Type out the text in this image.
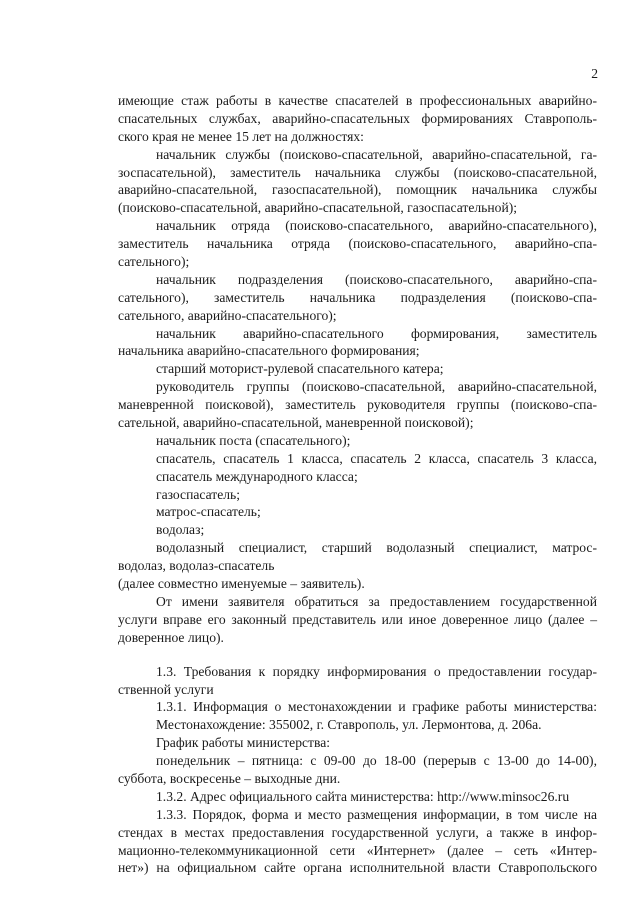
2
имеющие стаж работы в качестве спасателей в профессиональных аварийно-
спасательных службах, аварийно-спасательных формированиях Ставрополь-
ского края не менее 15 лет на должностях:
начальник службы (поисково-спасательной, аварийно-спасательной, га-
зоспасательной), заместитель начальника службы (поисково-спасательной,
аварийно-спасательной, газоспасательной), помощник начальника службы
(поисково-спасательной, аварийно-спасательной, газоспасательной);
начальник отряда (поисково-спасательного, аварийно-спасательного),
заместитель начальника отряда (поисково-спасательного, аварийно-спа-
сательного);
начальник подразделения (поисково-спасательного, аварийно-спа-
сательного), заместитель начальника подразделения (поисково-спа-
сательного, аварийно-спасательного);
начальник аварийно-спасательного формирования, заместитель
начальника аварийно-спасательного формирования;
старший моторист-рулевой спасательного катера;
руководитель группы (поисково-спасательной, аварийно-спасательной,
маневренной поисковой), заместитель руководителя группы (поисково-спа-
сательной, аварийно-спасательной, маневренной поисковой);
начальник поста (спасательного);
спасатель, спасатель 1 класса, спасатель 2 класса, спасатель 3 класса,
спасатель международного класса;
газоспасатель;
матрос-спасатель;
водолаз;
водолазный специалист, старший водолазный специалист, матрос-
водолаз, водолаз-спасатель
(далее совместно именуемые – заявитель).
От имени заявителя обратиться за предоставлением государственной
услуги вправе его законный представитель или иное доверенное лицо (далее –
доверенное лицо).
1.3. Требования к порядку информирования о предоставлении государ-
ственной услуги
1.3.1. Информация о местонахождении и графике работы министерства:
Местонахождение: 355002, г. Ставрополь, ул. Лермонтова, д. 206а.
График работы министерства:
понедельник – пятница: с 09-00 до 18-00 (перерыв с 13-00 до 14-00),
суббота, воскресенье – выходные дни.
1.3.2. Адрес официального сайта министерства: http://www.minsoc26.ru
1.3.3. Порядок, форма и место размещения информации, в том числе на
стендах в местах предоставления государственной услуги, а также в инфор-
мационно-телекоммуникационной сети «Интернет» (далее – сеть «Интер-
нет») на официальном сайте органа исполнительной власти Ставропольского
